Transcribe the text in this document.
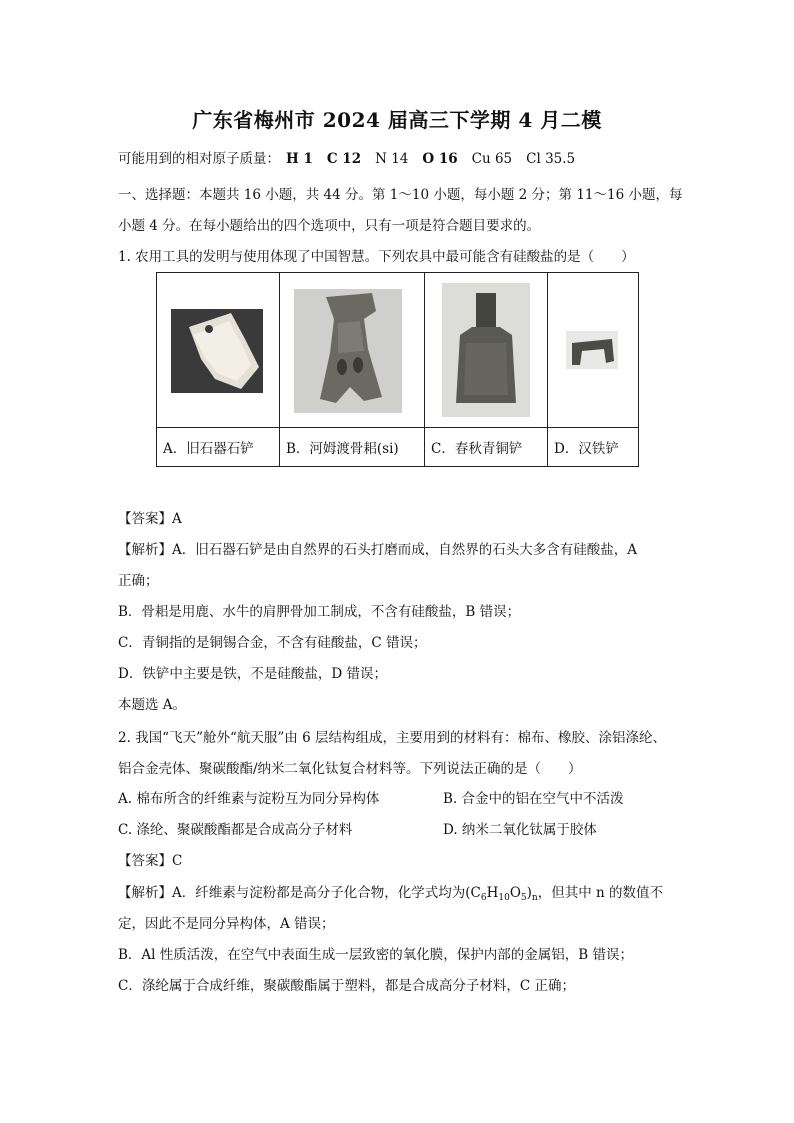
广东省梅州市 2024 届高三下学期 4 月二模
可能用到的相对原子质量： H 1 C 12 N 14 O 16 Cu 65 Cl 35.5
一、选择题：本题共 16 小题，共 44 分。第 1～10 小题，每小题 2 分；第 11～16 小题，每
小题 4 分。在每小题给出的四个选项中，只有一项是符合题目要求的。
1. 农用工具的发明与使用体现了中国智慧。下列农具中最可能含有硅酸盐的是（　　）

A．旧石器石铲	B．河姆渡骨耜(si)	C．春秋青铜铲	D．汉铁铲
【答案】A
【解析】A．旧石器石铲是由自然界的石头打磨而成，自然界的石头大多含有硅酸盐，A
正确；
B．骨耜是用鹿、水牛的肩胛骨加工制成，不含有硅酸盐，B 错误；
C．青铜指的是铜锡合金，不含有硅酸盐，C 错误；
D．铁铲中主要是铁，不是硅酸盐，D 错误；
本题选 A。
2. 我国“飞天”舱外“航天服”由 6 层结构组成，主要用到的材料有：棉布、橡胶、涂铝涤纶、
铝合金壳体、聚碳酸酯/纳米二氧化钛复合材料等。下列说法正确的是（　　）
A. 棉布所含的纤维素与淀粉互为同分异构体	B. 合金中的铝在空气中不活泼
C. 涤纶、聚碳酸酯都是合成高分子材料	D. 纳米二氧化钛属于胶体
【答案】C
【解析】A．纤维素与淀粉都是高分子化合物，化学式均为$(C_6H_{10}O_5)_n$，但其中 n 的数值不
定，因此不是同分异构体，A 错误；
B．Al 性质活泼，在空气中表面生成一层致密的氧化膜，保护内部的金属铝，B 错误；
C．涤纶属于合成纤维，聚碳酸酯属于塑料，都是合成高分子材料，C 正确；
